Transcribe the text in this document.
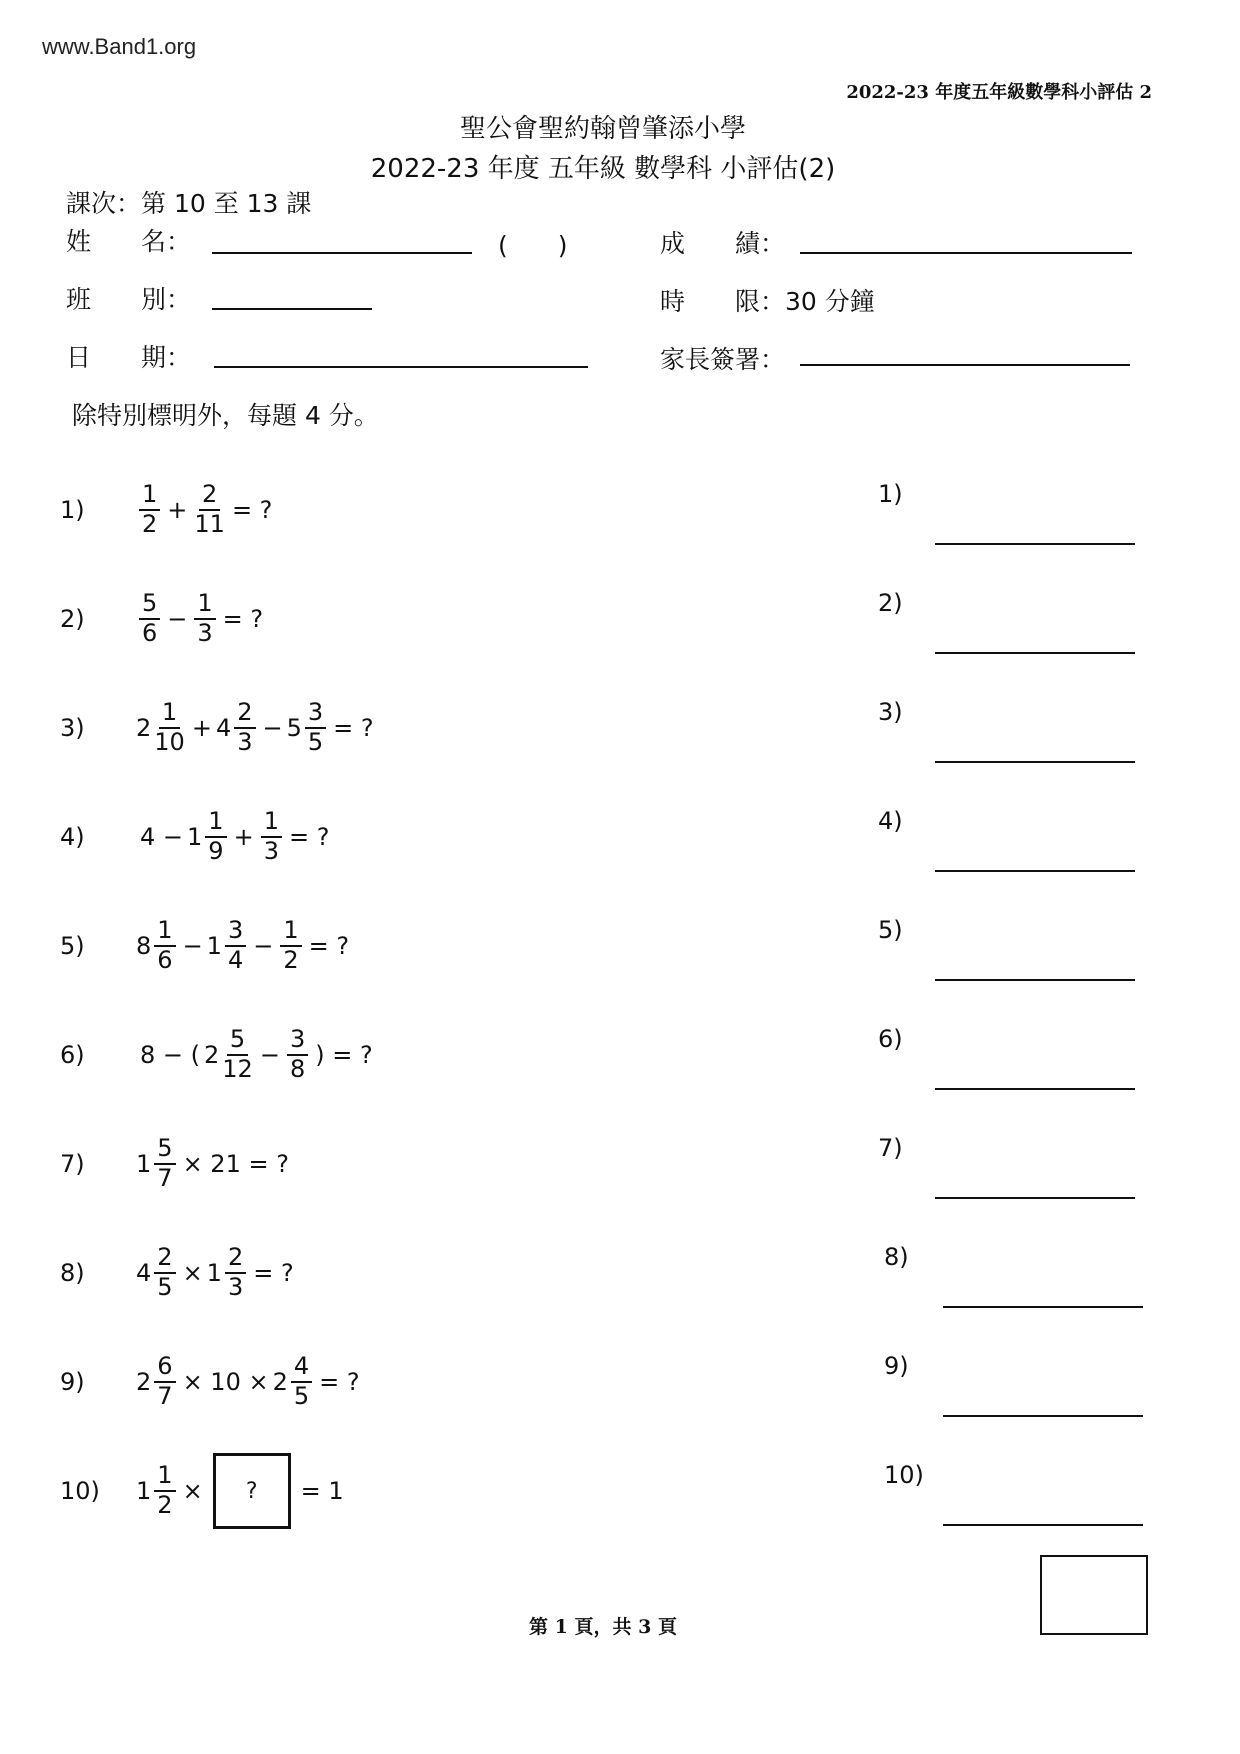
www.Band1.org
2022-23 年度五年級數學科小評估 2
聖公會聖約翰曾肇添小學
2022-23 年度 五年級 數學科 小評估(2)
課次：第 10 至 13 課
姓　　名：	(　　)	成　　績：
班　　別：	時　　限：30 分鐘
日　　期：	家長簽署：
除特別標明外，每題 4 分。
1)	$\frac{1}{2} + \frac{2}{11}$ = ?
1)
2)	$\frac{5}{6} - \frac{1}{3}$ = ?
2)
3)	$2 \frac{1}{10} + 4 \frac{2}{3} - 5 \frac{3}{5}$ = ?
3)
4)	$4 - 1 \frac{1}{9} + \frac{1}{3}$ = ?
4)
5)	$8 \frac{1}{6} - 1 \frac{3}{4} - \frac{1}{2}$ = ?
5)
6)	8 − ( $2 \frac{5}{12} - \frac{3}{8}$ ) = ?
6)
7)	$1 \frac{5}{7} \times 21$ = ?
7)
8)	$4 \frac{2}{5} \times 1 \frac{2}{3}$ = ?
8)
9)	$2 \frac{6}{7} \times 10 \times 2 \frac{4}{5}$ = ?
9)
10)	$1 \frac{1}{2}$ ×	?	= 1
10)
第 1 頁，共 3 頁
